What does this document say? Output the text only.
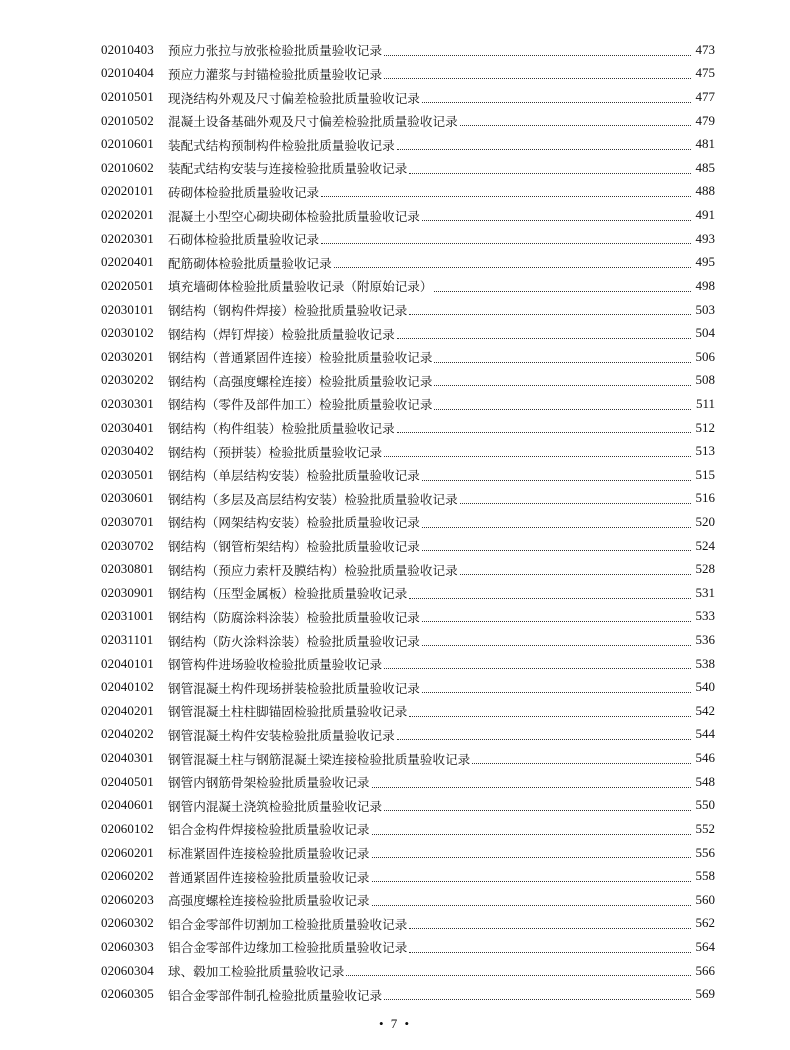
02010403	预应力张拉与放张检验批质量验收记录	473
02010404	预应力灌浆与封锚检验批质量验收记录	475
02010501	现浇结构外观及尺寸偏差检验批质量验收记录	477
02010502	混凝土设备基础外观及尺寸偏差检验批质量验收记录	479
02010601	装配式结构预制构件检验批质量验收记录	481
02010602	装配式结构安装与连接检验批质量验收记录	485
02020101	砖砌体检验批质量验收记录	488
02020201	混凝土小型空心砌块砌体检验批质量验收记录	491
02020301	石砌体检验批质量验收记录	493
02020401	配筋砌体检验批质量验收记录	495
02020501	填充墙砌体检验批质量验收记录（附原始记录）	498
02030101	钢结构（钢构件焊接）检验批质量验收记录	503
02030102	钢结构（焊钉焊接）检验批质量验收记录	504
02030201	钢结构（普通紧固件连接）检验批质量验收记录	506
02030202	钢结构（高强度螺栓连接）检验批质量验收记录	508
02030301	钢结构（零件及部件加工）检验批质量验收记录	511
02030401	钢结构（构件组装）检验批质量验收记录	512
02030402	钢结构（预拼装）检验批质量验收记录	513
02030501	钢结构（单层结构安装）检验批质量验收记录	515
02030601	钢结构（多层及高层结构安装）检验批质量验收记录	516
02030701	钢结构（网架结构安装）检验批质量验收记录	520
02030702	钢结构（钢管桁架结构）检验批质量验收记录	524
02030801	钢结构（预应力索杆及膜结构）检验批质量验收记录	528
02030901	钢结构（压型金属板）检验批质量验收记录	531
02031001	钢结构（防腐涂料涂装）检验批质量验收记录	533
02031101	钢结构（防火涂料涂装）检验批质量验收记录	536
02040101	钢管构件进场验收检验批质量验收记录	538
02040102	钢管混凝土构件现场拼装检验批质量验收记录	540
02040201	钢管混凝土柱柱脚锚固检验批质量验收记录	542
02040202	钢管混凝土构件安装检验批质量验收记录	544
02040301	钢管混凝土柱与钢筋混凝土梁连接检验批质量验收记录	546
02040501	钢管内钢筋骨架检验批质量验收记录	548
02040601	钢管内混凝土浇筑检验批质量验收记录	550
02060102	铝合金构件焊接检验批质量验收记录	552
02060201	标准紧固件连接检验批质量验收记录	556
02060202	普通紧固件连接检验批质量验收记录	558
02060203	高强度螺栓连接检验批质量验收记录	560
02060302	铝合金零部件切割加工检验批质量验收记录	562
02060303	铝合金零部件边缘加工检验批质量验收记录	564
02060304	球、毂加工检验批质量验收记录	566
02060305	铝合金零部件制孔检验批质量验收记录	569
• 7 •
